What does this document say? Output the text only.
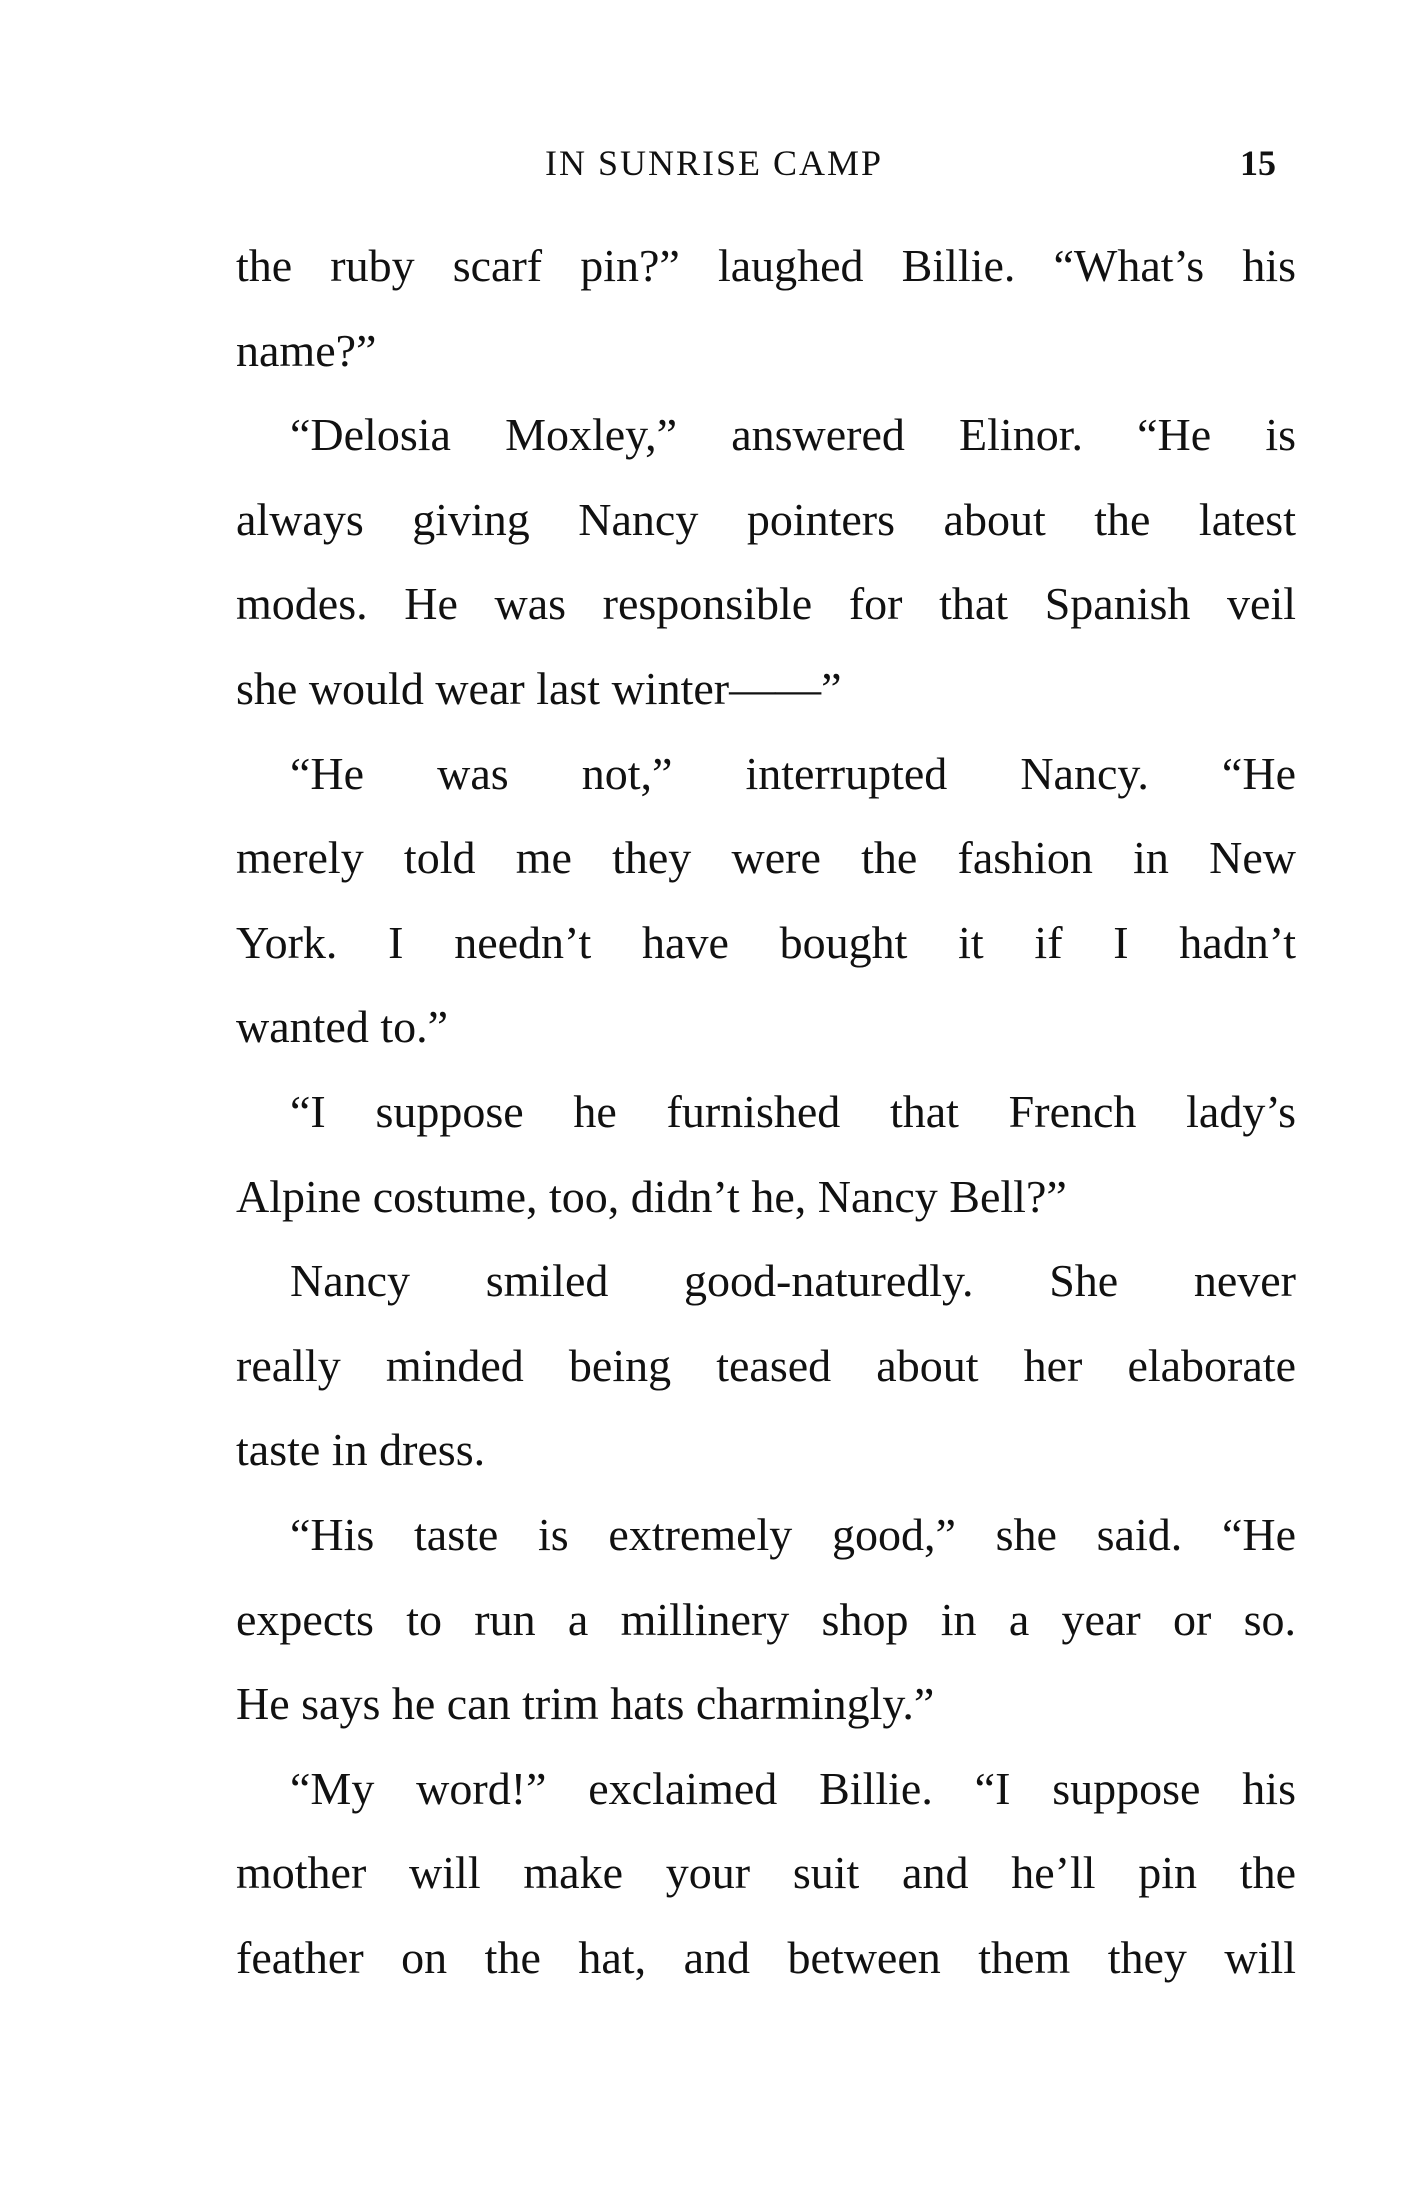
IN SUNRISE CAMP	15
the ruby scarf pin?” laughed Billie. “What’s his
name?”
“Delosia Moxley,” answered Elinor. “He is
always giving Nancy pointers about the latest
modes. He was responsible for that Spanish veil
she would wear last winter——”
“He was not,” interrupted Nancy. “He
merely told me they were the fashion in New
York. I needn’t have bought it if I hadn’t
wanted to.”
“I suppose he furnished that French lady’s
Alpine costume, too, didn’t he, Nancy Bell?”
Nancy smiled good-naturedly. She never
really minded being teased about her elaborate
taste in dress.
“His taste is extremely good,” she said. “He
expects to run a millinery shop in a year or so.
He says he can trim hats charmingly.”
“My word!” exclaimed Billie. “I suppose his
mother will make your suit and he’ll pin the
feather on the hat, and between them they will
